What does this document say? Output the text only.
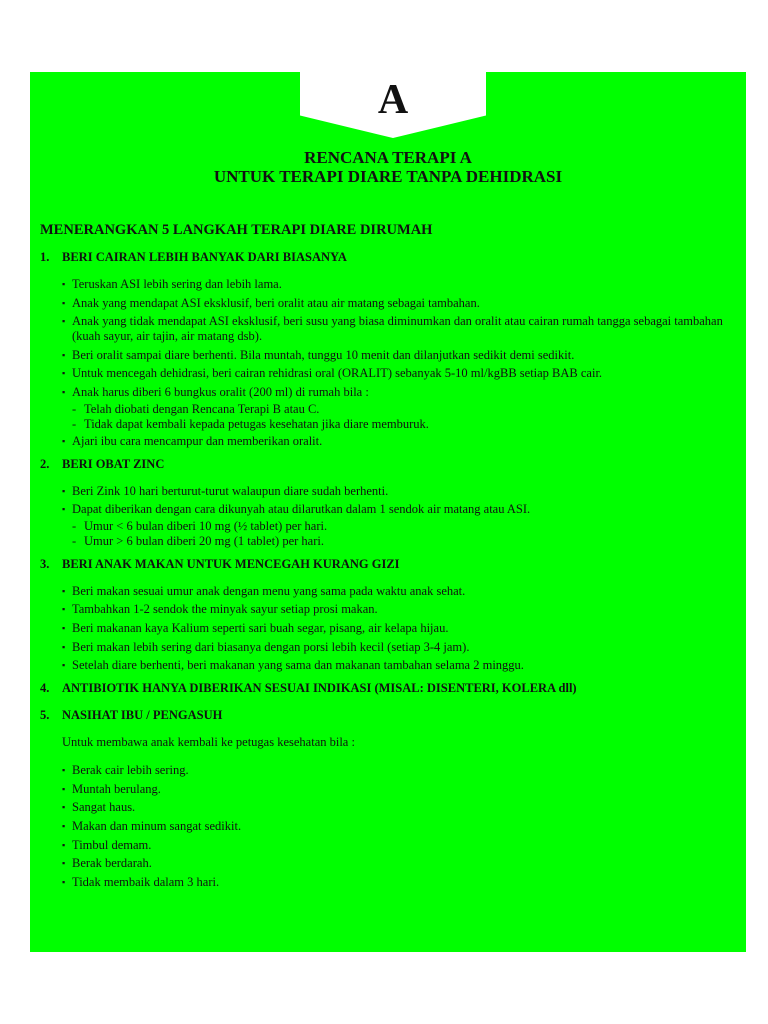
A
RENCANA TERAPI A
UNTUK TERAPI DIARE TANPA DEHIDRASI
MENERANGKAN 5 LANGKAH TERAPI DIARE DIRUMAH
1.	BERI CAIRAN LEBIH BANYAK DARI BIASANYA
▪ Teruskan ASI lebih sering dan lebih lama.
▪ Anak yang mendapat ASI eksklusif, beri oralit atau air matang sebagai tambahan.
▪ Anak yang tidak mendapat ASI eksklusif, beri susu yang biasa diminumkan dan oralit atau cairan rumah tangga sebagai tambahan (kuah sayur, air tajin, air matang dsb).
▪ Beri oralit sampai diare berhenti. Bila muntah, tunggu 10 menit dan dilanjutkan sedikit demi sedikit.
▪ Untuk mencegah dehidrasi, beri cairan rehidrasi oral (ORALIT) sebanyak 5-10 ml/kgBB setiap BAB cair.
▪ Anak harus diberi 6 bungkus oralit (200 ml) di rumah bila :
- Telah diobati dengan Rencana Terapi B atau C.
- Tidak dapat kembali kepada petugas kesehatan jika diare memburuk.
▪ Ajari ibu cara mencampur dan memberikan oralit.
2.	BERI OBAT ZINC
▪ Beri Zink 10 hari berturut-turut walaupun diare sudah berhenti.
▪ Dapat diberikan dengan cara dikunyah atau dilarutkan dalam 1 sendok air matang atau ASI.
- Umur < 6 bulan diberi 10 mg (½ tablet) per hari.
- Umur > 6 bulan diberi 20 mg (1 tablet) per hari.
3.	BERI ANAK MAKAN UNTUK MENCEGAH KURANG GIZI
▪ Beri makan sesuai umur anak dengan menu yang sama pada waktu anak sehat.
▪ Tambahkan 1-2 sendok the minyak sayur setiap prosi makan.
▪ Beri makanan kaya Kalium seperti sari buah segar, pisang, air kelapa hijau.
▪ Beri makan lebih sering dari biasanya dengan porsi lebih kecil (setiap 3-4 jam).
▪ Setelah diare berhenti, beri makanan yang sama dan makanan tambahan selama 2 minggu.
4.	ANTIBIOTIK HANYA DIBERIKAN SESUAI INDIKASI (MISAL: DISENTERI, KOLERA dll)
5.	NASIHAT IBU / PENGASUH
Untuk membawa anak kembali ke petugas kesehatan bila :
▪ Berak cair lebih sering.
▪ Muntah berulang.
▪ Sangat haus.
▪ Makan dan minum sangat sedikit.
▪ Timbul demam.
▪ Berak berdarah.
▪ Tidak membaik dalam 3 hari.
